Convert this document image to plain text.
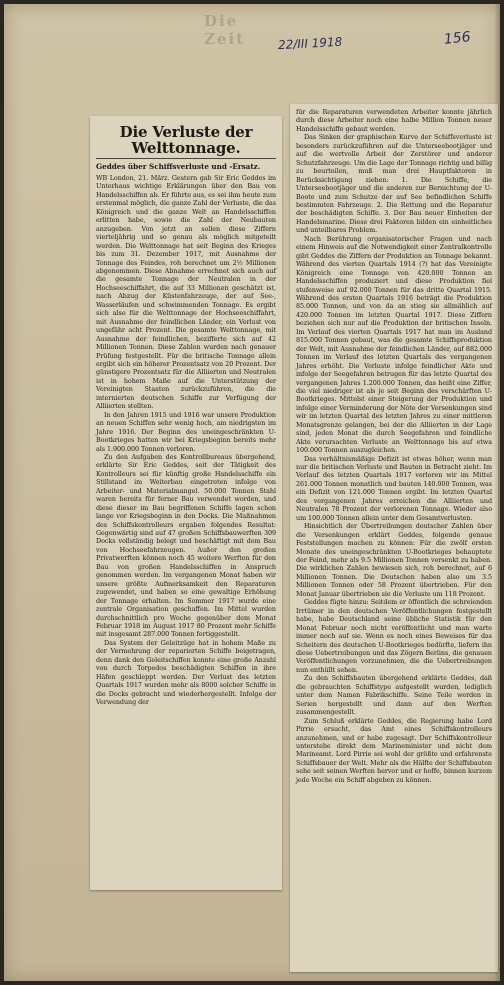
Die Zeit	22/III 1918	156
Die Verluste der Welttonnage.
Geddes über Schiffsverluste und -Ersatz.

WB London, 21. März. Gestern gab Sir Eric Geddes im Unterhaus wichtige Erklärungen über den Bau von Handelsschiffen ab. Er führte aus, es sei ihm heute zum erstenmal möglich, die ganze Zahl der Verluste, die das Königreich und die ganze Welt an Handelsschiffen erlitten habe, sowie die Zahl der Neubauten anzugeben. Von jetzt an sollen diese Ziffern vierteljährig und so genau als möglich mitgeteilt werden. Die Welttonnage hat seit Beginn des Krieges bis zum 31. Dezember 1917, mit Ausnahme der Tonnage des Feindes, roh berechnet um 2½ Millionen abgenommen. Diese Abnahme errechnet sich auch auf die gesamte Tonnage der Neutralen in der Hochseeschiffahrt, die auf 33 Millionen geschätzt ist, nach Abzug der Küstenfahrzeuge, der auf See-, Wasserläufen und schwimmenden Tonnage. Es ergibt sich also für die Welttonnage der Hochseeschiffahrt, mit Ausnahme der feindlichen Länder, ein Verlust von ungefähr acht Prozent. Die gesamte Welttonnage, mit Ausnahme der feindlichen, bezifferte sich auf 42 Millionen Tonnen. Diese Zahlen wurden nach genauer Prüfung festgestellt. Für die britische Tonnage allein ergibt sich ein höherer Prozentsatz von 20 Prozent. Der günstigere Prozentsatz für die Alliierten und Neutralen ist in hohem Maße auf die Unterstützung der Vereinigten Staaten zurückzuführen, die die internierten deutschen Schiffe zur Verfügung der Alliierten stellten.

In den Jahren 1915 und 1916 war unsere Produktion an neuen Schiffen sehr wenig hoch, am niedrigsten im Jahre 1916. Der Beginn des uneingeschränkten U-Bootkrieges hatten wir bei Kriegsbeginn bereits mehr als 1.900.000 Tonnen verloren.

Zu den Aufgaben des Kontrollbureaus übergehend, erklärte Sir Eric Geddes, seit der Tätigkeit des Kontrolleurs sei für künftig große Handelsschiffe ein Stillstand im Weiterbau eingetreten infolge von Arbeiter- und Materialmangel. 50.000 Tonnen Stahl waren bereits für ferner Bau verwendet worden, und diese dieser im Bau begriffenen Schiffe lagen schon lange vor Kriegsbeginn in den Docks. Die Maßnahmen des Schiffskontrolleurs ergaben folgendes Resultat: Gegenwärtig sind auf 47 großen Schiffsbauwerften 309 Docks vollständig belegt und beschäftigt mit dem Bau von Hochseefahrzeugen. Außer den großen Privatwerften können noch 45 weitere Werften für den Bau von großen Handelsschiffen in Anspruch genommen werden. Im vergangenen Monat haben wir unsere größte Aufmerksamkeit den Reparaturen zugewendet, und haben so eine gewaltige Erhöhung der Tonnage erhalten. Im Sommer 1917 wurde eine zentrale Organisation geschaffen. Im Mittel wurden durchschnittlich pro Woche gegenüber dem Monat Februar 1918 im August 1917 80 Prozent mehr Schiffe mit insgesamt 287.000 Tonnen fertiggestellt.

Das System der Geleitzüge hat in hohem Maße zu der Vermehrung der reparierten Schiffe beigetragen, denn dank den Geleitschiffen konnte eine große Anzahl von durch Torpedos beschädigten Schiffen in ihre Häfen geschleppt werden. Der Verlust des letzten Quartals 1917 wurden mehr als 8000 solcher Schiffe in die Docks gebracht und wiederhergestellt. Infolge der Verwendung der

für die Reparaturen verwendeten Arbeiter konnte jährlich durch diese Arbeiter noch eine halbe Million Tonnen neuer Handelsschiffe gebaut werden.

Das Sinken der graphischen Kurve der Schiffsverluste ist besonders zurückzuführen auf die Unterseebootjäger und auf die wertvolle Arbeit der Zerstörer und anderer Schutzfahrzeuge. Um die Lage der Tonnage richtig und billig zu beurteilen, muß man drei Hauptfaktoren in Berücksichtigung ziehen: 1. Die Schiffe, die Unterseebootjäger und die anderen zur Bernichtung der U-Boote und zum Schutze der auf See befindlichen Schiffe bestimmten Fahrzeuge. 2. Die Rettung und die Reparatur der beschädigten Schiffe. 3. Der Bau neuer Einheiten der Handelsmarine. Diese drei Faktoren bilden ein einheitliches und unteilbares Problem.

Nach Berührung organisatorischer Fragen und nach einem Hinweis auf die Notwendigkeit einer Zentralkontrolle gibt Geddes die Ziffern der Produktion an Tonnage bekannt. Während des vierten Quartals 1914 (?) hat das Vereinigte Königreich eine Tonnage von 420.000 Tonnen an Handelsschiffen produziert und diese Produktion fiel stufenweise auf 92.000 Tonnen für das dritte Quartal 1915. Während des ersten Quartals 1916 beträgt die Produktion 85.000 Tonnen, und von da an stieg sie allmählich auf 420.000 Tonnen im letzten Quartal 1917. Diese Ziffern beziehen sich nur auf die Produktion der britischen Inseln. Im Verlauf des vierten Quartals 1917 hat man im Ausland 815.000 Tonnen gebaut, was die gesamte Schiffsproduktion der Welt, mit Ausnahme der feindlichen Länder, auf 882.000 Tonnen im Verlauf des letzten Quartals des vergangenen Jahres erhöht. Die Verluste infolge feindlicher Akte und infolge der Seegefahren betrugen für das letzte Quartal des vergangenen Jahres 1.200.000 Tonnen, das heißt eine Ziffer, die viel niedriger ist als je seit Beginn des verschärften U-Bootkrieges. Mittelst einer Steigerung der Produktion und infolge einer Verminderung der Nöte der Versenkungen sind wir im letzten Quartal des letzten Jahres zu einer mittleren Monatsgrenze gelangen, bei der die Alliierten in der Lage sind, jeden Monat die durch Seegefahren und feindliche Akte verursachten Verluste an Welttonnage bis auf etwa 100.000 Tonnen auszugleichen.

Das verhältnismäßige Defizit ist etwas höher, wenn man nur die britischen Verluste und Bauten in Betracht zieht. Im Verlauf des letzten Quartals 1917 verloren wir im Mittel 261.000 Tonnen monatlich und bauten 140.000 Tonnen, was ein Defizit von 121.000 Tonnen ergibt. Im letzten Quartal des vergangenen Jahres erreichen die Alliierten und Neutralen 78 Prozent der verlorenen Tonnage. Wieder also um 100.000 Tonnen allein unter dem Gesamtverlusten.

Hinsichtlich der Übertreibungen deutscher Zahlen über die Versenkungen erklärt Geddes, folgende genaue Feststellungen machen zu können: Für die zwölf ersten Monate des uneingeschränkten U-Bootkrieges behauptete der Feind, mehr als 9.5 Millionen Tonnen versenkt zu haben. Die wirklichen Zahlen bewiesen sich, roh berechnet, auf 6 Millionen Tonnen. Die Deutschen haben also um 3.5 Millionen Tonnen oder 58 Prozent übertrieben. Für den Monat Januar übertrieben sie die Verluste um 118 Prozent.

Geddes fügte hinzu: Seitdem er öffentlich die schreienden Irrtümer in den deutschen Veröffentlichungen festgestellt habe, habe Deutschland seine übliche Statistik für den Monat Februar noch nicht veröffentlicht und man warte immer noch auf sie. Wenn es noch eines Beweises für das Scheitern des deutschen U-Bootkrieges bedürfte, liefern ihn diese Uebertreibungen und das Zögern Berlins, die genauen Veröffentlichungen vorzunehmen, die die Uebertreibungen nun enthüllt sehen.

Zu den Schiffsbauten übergehend erklärte Geddes, daß die gebrauchten Schiffstype aufgestellt wurden, lediglich unter dem Namen Fabrikschiffe. Seine Teile werden in Serien hergestellt und dann auf den Werften zusammengestellt.

Zum Schluß erklärte Geddes, die Regierung habe Lord Pirrie ersucht, das Amt eines Schiffskontrolleurs anzunehmen, und er habe zugesagt. Der Schiffskontrolleur unterstehe direkt dem Marineminister und nicht dem Marineamt. Lord Pirrie sei wohl der größte und erfahrenste Schiffsbauer der Welt. Mehr als die Hälfte der Schiffsbauten sehe seit seinen Werften hervor und er hoffe, binnen kurzem jede Woche ein Schiff abgeben zu können.
